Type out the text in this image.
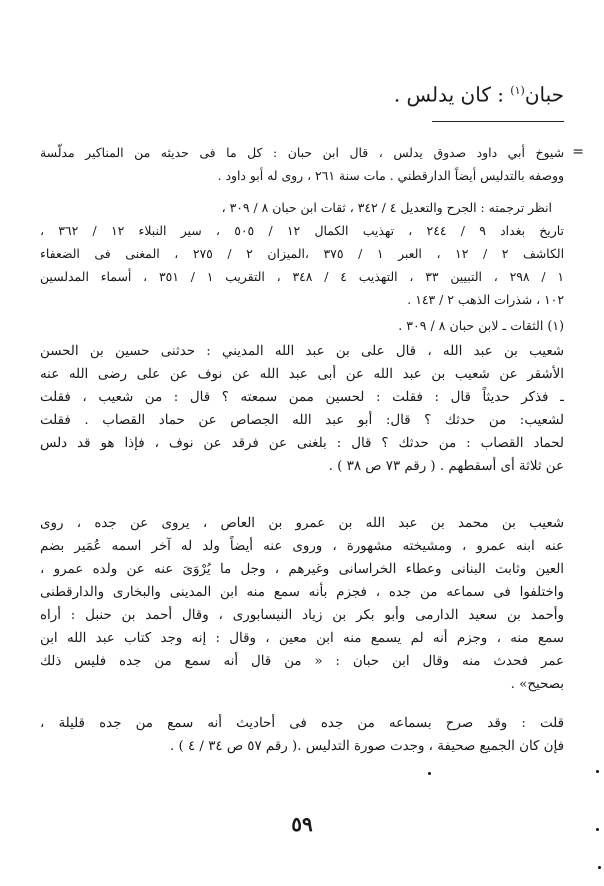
حبان$^{(١)}$ : كان يدلس .
=
شيوخ أبي داود صدوق يدلس ، قال ابن حبان : كل ما فى حديثه من المناكير مدلّسة
ووصفه بالتدليس أيضاً الدارقطني . مات سنة ٢٦١ ، روى له أبو داود .
انظر ترجمته : الجرح والتعديل ٤ / ٣٤٢ ، ثقات ابن حبان ٨ / ٣٠٩ ،
تاريخ بغداد ٩ / ٢٤٤ ، تهذيب الكمال ١٢ / ٥٠٥ ، سير النبلاء ١٢ / ٣٦٢ ،
الكاشف ٢ / ١٢ ، العبر ١ / ٣٧٥ ،الميزان ٢ / ٢٧٥ ، المغنى فى الضعفاء
١ / ٢٩٨ ، التبيين ٣٣ ، التهذيب ٤ / ٣٤٨ ، التقريب ١ / ٣٥١ ، أسماء المدلسين
١٠٢ ، شذرات الذهب ٢ / ١٤٣ .
(١) الثقات ـ لابن حبان ٨ / ٣٠٩ .
شعيب بن عبد الله ، قال على بن عبد الله المديني : حدثنى حسين بن الحسن
الأشقر عن شعيب بن عبد الله عن أبى عبد الله عن نوف عن على رضى الله عنه
ـ فذكر حديثاً قال : فقلت : لحسين ممن سمعته ؟ قال : من شعيب ، فقلت
لشعيب: من حدثك ؟ قال: أبو عبد الله الجصاص عن حماد القصاب . فقلت
لحماد القصاب : من حدثك ؟ قال : بلغنى عن فرقد عن نوف ، فإذا هو قد دلس
عن ثلاثة أى أسقطهم . ( رقم ٧٣ ص ٣٨ ) .
شعيب بن محمد بن عبد الله بن عمرو بن العاص ، يروى عن جده ، روى
عنه ابنه عمرو ، ومشيخته مشهورة ، وروى عنه أيضاً ولد له آخر اسمه عُمَير بضم
العين وثابت البنانى وعطاء الخراسانى وغيرهم ، وجل ما يُرْوَىَ عنه عن ولده عمرو ،
واختلفوا فى سماعه من جده ، فجزم بأنه سمع منه ابن المدينى والبخارى والدارقطنى
وأحمد بن سعيد الدارمى وأبو بكر بن زياد النيسابورى ، وقال أحمد بن حنبل : أراه
سمع منه ، وجزم أنه لم يسمع منه ابن معين ، وقال : إنه وجد كتاب عبد الله ابن
عمر فحدث منه وقال ابن حبان : « من قال أنه سمع من جده فليس ذلك
بصحيح» .
قلت : وقد صرح بسماعه من جده فى أحاديث أنه سمع من جده قليلة ،
فإن كان الجميع صحيفة ، وجدت صورة التدليس .( رقم ٥٧ ص ٣٤ / ٤ ) .
٥٩
